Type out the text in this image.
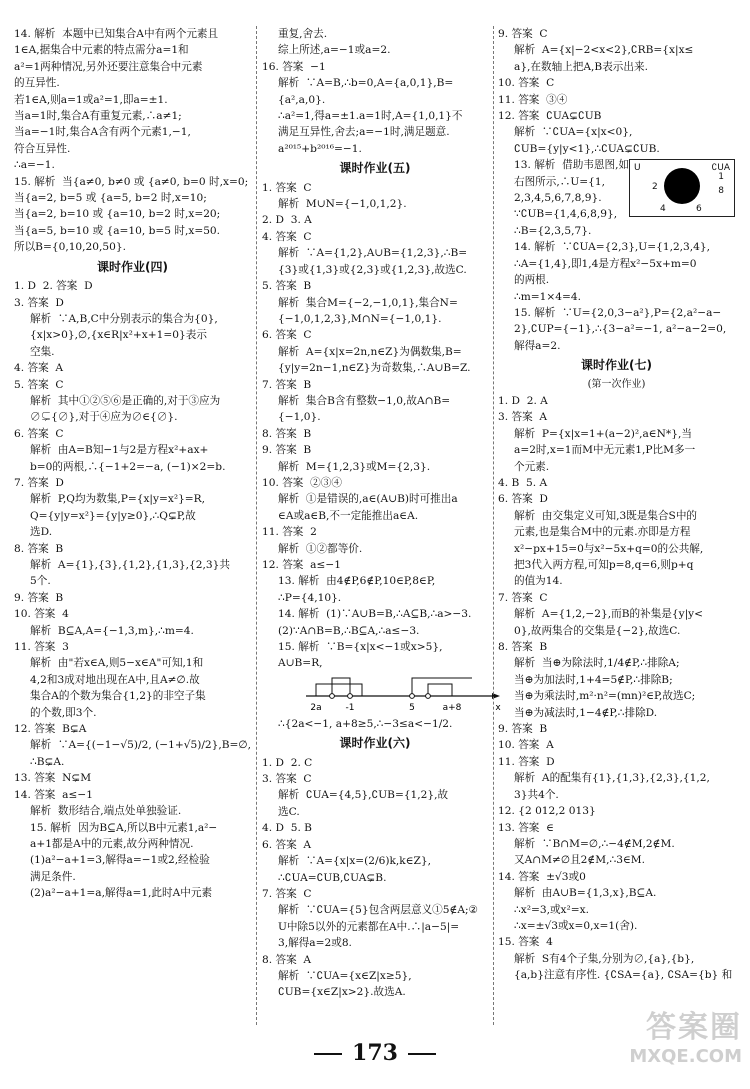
14. 解析  本题中已知集合A中有两个元素且
1∈A,据集合中元素的特点需分a=1和
a²=1两种情况,另外还要注意集合中元素
的互异性.
若1∈A,则a=1或a²=1,即a=±1.
当a=1时,集合A有重复元素,∴a≠1;
当a=−1时,集合A含有两个元素1,−1,
符合互异性.
∴a=−1.
15. 解析  当{a≠0, b≠0 或 {a≠0, b=0 时,x=0;
当{a=2, b=5 或 {a=5, b=2 时,x=10;
当{a=2, b=10 或 {a=10, b=2 时,x=20;
当{a=5, b=10 或 {a=10, b=5 时,x=50.
所以B={0,10,20,50}.
课时作业(四)
1. D  2. 答案  D
3. 答案  D
解析  ∵A,B,C中分别表示的集合为{0},
{x|x>0},∅,{x∈R|x²+x+1=0}表示
空集.
4. 答案  A
5. 答案  C
解析  其中①②⑤⑥是正确的,对于③应为
∅⊊{∅},对于④应为∅∈{∅}.
6. 答案  C
解析  由A=B知−1与2是方程x²+ax+
b=0的两根,∴{−1+2=−a, (−1)×2=b.
7. 答案  D
解析  P,Q均为数集,P={x|y=x²}=R,
Q={y|y=x²}={y|y≥0},∴Q⊊P,故
选D.
8. 答案  B
解析  A={1},{3},{1,2},{1,3},{2,3}共
5个.
9. 答案  B
10. 答案  4
解析  B⊆A,A={−1,3,m},∴m=4.
11. 答案  3
解析  由"若x∈A,则5−x∈A"可知,1和
4,2和3成对地出现在A中,且A≠∅.故
集合A的个数为集合{1,2}的非空子集
的个数,即3个.
12. 答案  B⊊A
解析  ∵A={(−1−√5)/2, (−1+√5)/2},B=∅,
∴B⊊A.
13. 答案  N⊊M
14. 答案  a≤−1
解析  数形结合,端点处单独验证.
15. 解析  因为B⊆A,所以B中元素1,a²−
a+1都是A中的元素,故分两种情况.
(1)a²−a+1=3,解得a=−1或2,经检验
满足条件.
(2)a²−a+1=a,解得a=1,此时A中元素
重复,舍去.
综上所述,a=−1或a=2.
16. 答案  −1
解析  ∵A=B,∴b=0,A={a,0,1},B=
{a²,a,0}.
∴a²=1,得a=±1.a=1时,A={1,0,1}不
满足互异性,舍去;a=−1时,满足题意.
a²⁰¹⁵+b²⁰¹⁶=−1.
课时作业(五)
1. 答案  C
解析  M∪N={−1,0,1,2}.
2. D  3. A
4. 答案  C
解析  ∵A={1,2},A∪B={1,2,3},∴B=
{3}或{1,3}或{2,3}或{1,2,3},故选C.
5. 答案  B
解析  集合M={−2,−1,0,1},集合N=
{−1,0,1,2,3},M∩N={−1,0,1}.
6. 答案  C
解析  A={x|x=2n,n∈Z}为偶数集,B=
{y|y=2n−1,n∈Z}为奇数集,∴A∪B=Z.
7. 答案  B
解析  集合B含有整数−1,0,故A∩B=
{−1,0}.
8. 答案  B
9. 答案  B
解析  M={1,2,3}或M={2,3}.
10. 答案  ②③④
解析  ①是错误的,a∈(A∪B)时可推出a
∈A或a∈B,不一定能推出a∈A.
11. 答案  2
解析  ①②都等价.
12. 答案  a≤−1
13. 解析  由4∉P,6∉P,10∈P,8∈P,
∴P={4,10}.
14. 解析  (1)∵A∪B=B,∴A⊆B,∴a>−3.
(2)∵A∩B=B,∴B⊆A,∴a≤−3.
15. 解析  ∵B={x|x<−1或x>5},
A∪B=R,
2a	-1	5	a+8	x
∴{2a<−1, a+8≥5,∴−3≤a<−1/2.
课时作业(六)
1. D  2. C
3. 答案  C
解析  ∁UA={4,5},∁UB={1,2},故
选C.
4. D  5. B
6. 答案  A
解析  ∵A={x|x=(2/6)k,k∈Z},
∴∁UA=∁UB,∁UA⊊B.
7. 答案  C
解析  ∵∁UA={5}包含两层意义①5∉A;②
U中除5以外的元素都在A中.∴|a−5|=
3,解得a=2或8.
8. 答案  A
解析  ∵∁UA={x∈Z|x≥5},
∁UB={x∈Z|x>2}.故选A.
9. 答案  C
解析  A={x|−2<x<2},∁RB={x|x≤
a},在数轴上把A,B表示出来.
10. 答案  C
11. 答案  ③④
12. 答案  ∁UA⊊∁UB
解析  ∵∁UA={x|x<0},
∁UB={y|y<1},∴∁UA⊊∁UB.
U	∁UA
2
1
8
4	6
13. 解析  借助韦恩图,如
右图所示,∴U={1,
2,3,4,5,6,7,8,9}.
∵∁UB={1,4,6,8,9},
∴B={2,3,5,7}.
14. 解析  ∵∁UA={2,3},U={1,2,3,4},
∴A={1,4},即1,4是方程x²−5x+m=0
的两根.
∴m=1×4=4.
15. 解析  ∵U={2,0,3−a²},P={2,a²−a−
2},∁UP={−1},∴{3−a²=−1, a²−a−2=0,
解得a=2.
课时作业(七)
(第一次作业)
1. D  2. A
3. 答案  A
解析  P={x|x=1+(a−2)²,a∈N*},当
a=2时,x=1而M中无元素1,P比M多一
个元素.
4. B  5. A
6. 答案  D
解析  由交集定义可知,3既是集合S中的
元素,也是集合M中的元素.亦即是方程
x²−px+15=0与x²−5x+q=0的公共解,
把3代入两方程,可知p=8,q=6,则p+q
的值为14.
7. 答案  C
解析  A={1,2,−2},而B的补集是{y|y<
0},故两集合的交集是{−2},故选C.
8. 答案  B
解析  当⊕为除法时,1/4∉P,∴排除A;
当⊕为加法时,1+4=5∉P,∴排除B;
当⊕为乘法时,m²·n²=(mn)²∈P,故选C;
当⊕为减法时,1−4∉P,∴排除D.
9. 答案  B
10. 答案  A
11. 答案  D
解析  A的配集有{1},{1,3},{2,3},{1,2,
3}共4个.
12. {2 012,2 013}
13. 答案  ∈
解析  ∵B∩M=∅,∴−4∉M,2∉M.
又A∩M≠∅且2∉M,∴3∈M.
14. 答案  ±√3或0
解析  由A∪B={1,3,x},B⊆A.
∴x²=3,或x²=x.
∴x=±√3或x=0,x=1(舍).
15. 答案  4
解析  S有4个子集,分别为∅,{a},{b},
{a,b}注意有序性. {∁SA={a}, ∁SA={b} 和
173
答案圈
MXQE.COM
